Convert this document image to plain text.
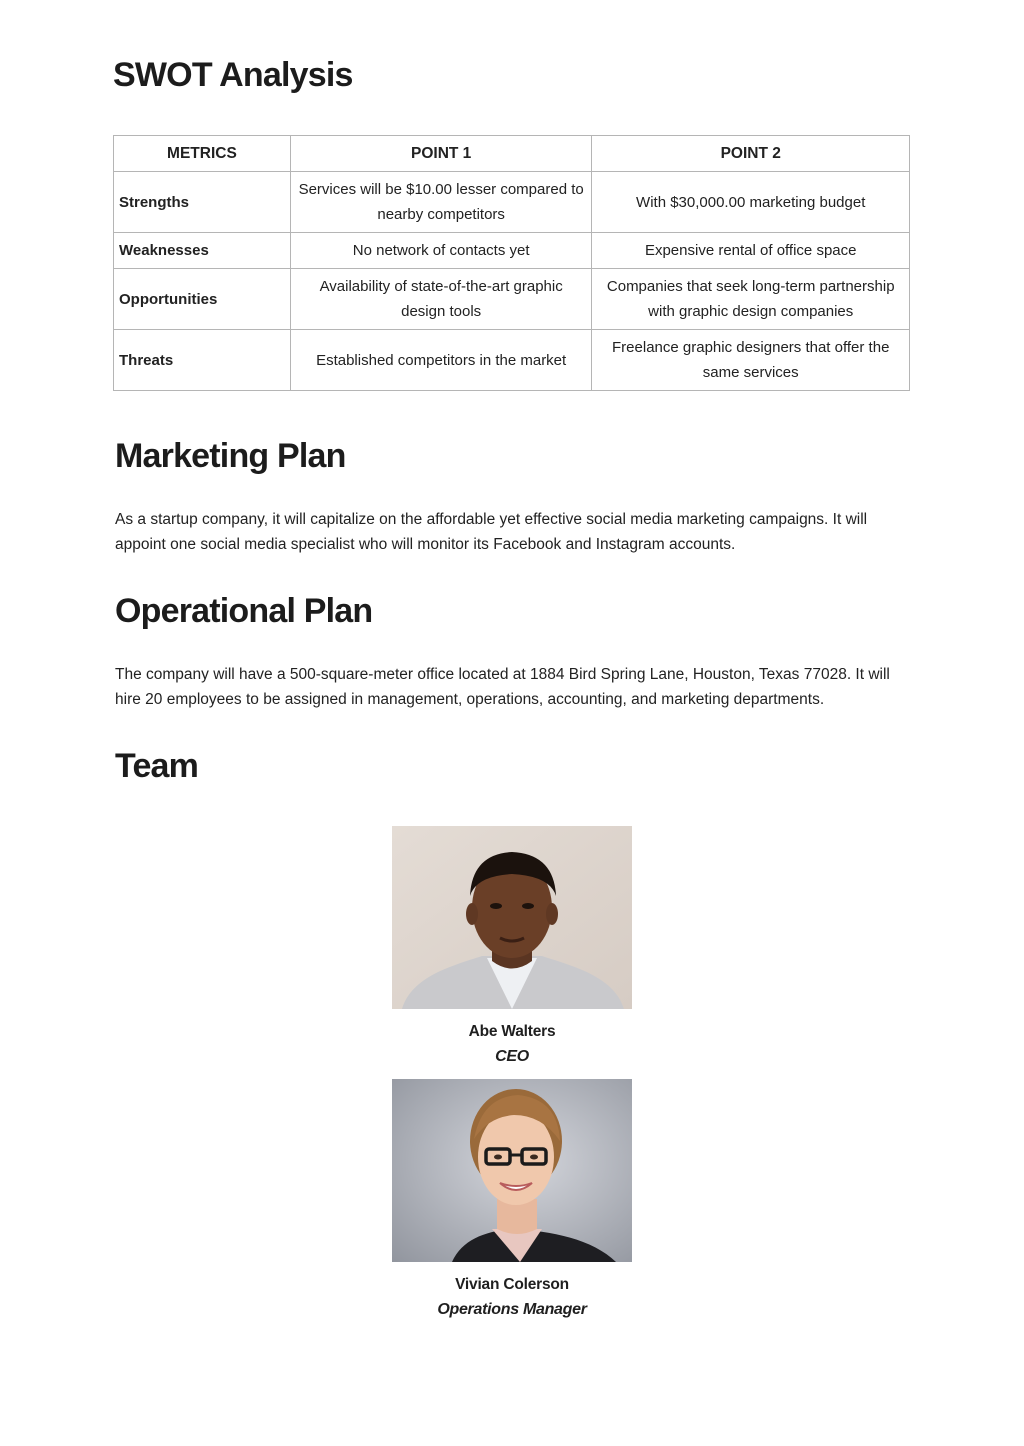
SWOT Analysis
METRICS	POINT 1	POINT 2
Strengths	Services will be $10.00 lesser compared to nearby competitors	With $30,000.00 marketing budget
Weaknesses	No network of contacts yet	Expensive rental of office space
Opportunities	Availability of state-of-the-art graphic design tools	Companies that seek long-term partnership with graphic design companies
Threats	Established competitors in the market	Freelance graphic designers that offer the same services
Marketing Plan

As a startup company, it will capitalize on the affordable yet effective social media marketing campaigns. It will appoint one social media specialist who will monitor its Facebook and Instagram accounts.

Operational Plan

The company will have a 500-square-meter office located at 1884 Bird Spring Lane, Houston, Texas 77028. It will hire 20 employees to be assigned in management, operations, accounting, and marketing departments.

Team
Abe Walters
CEO
Vivian Colerson
Operations Manager
